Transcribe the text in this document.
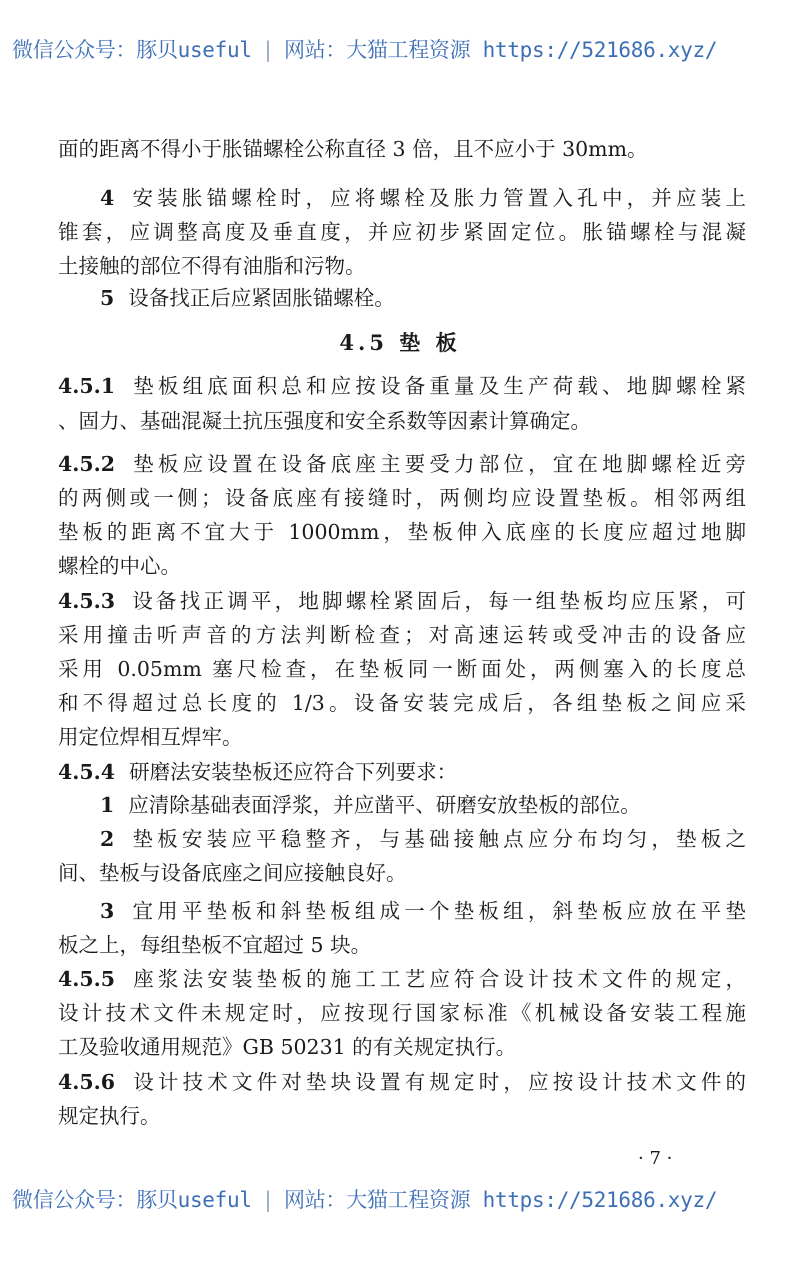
微信公众号：豚贝useful | 网站：大猫工程资源 https://521686.xyz/
面的距离不得小于胀锚螺栓公称直径 3 倍，且不应小于 30mm。
4 安装胀锚螺栓时，应将螺栓及胀力管置入孔中，并应装上
锥套，应调整高度及垂直度，并应初步紧固定位。胀锚螺栓与混凝
土接触的部位不得有油脂和污物。
5 设备找正后应紧固胀锚螺栓。
4.5.1 垫板组底面积总和应按设备重量及生产荷载、地脚螺栓紧
、固力、基础混凝土抗压强度和安全系数等因素计算确定。
4.5.2 垫板应设置在设备底座主要受力部位，宜在地脚螺栓近旁
的两侧或一侧；设备底座有接缝时，两侧均应设置垫板。相邻两组
垫板的距离不宜大于 1000mm，垫板伸入底座的长度应超过地脚
螺栓的中心。
4.5.3 设备找正调平，地脚螺栓紧固后，每一组垫板均应压紧，可
采用撞击听声音的方法判断检查；对高速运转或受冲击的设备应
采用 0.05mm 塞尺检查，在垫板同一断面处，两侧塞入的长度总
和不得超过总长度的 1/3。设备安装完成后，各组垫板之间应采
用定位焊相互焊牢。
4.5.4 研磨法安装垫板还应符合下列要求：
1 应清除基础表面浮浆，并应凿平、研磨安放垫板的部位。
2 垫板安装应平稳整齐，与基础接触点应分布均匀，垫板之
间、垫板与设备底座之间应接触良好。
3 宜用平垫板和斜垫板组成一个垫板组，斜垫板应放在平垫
板之上，每组垫板不宜超过 5 块。
4.5.5 座浆法安装垫板的施工工艺应符合设计技术文件的规定，
设计技术文件未规定时，应按现行国家标准《机械设备安装工程施
工及验收通用规范》GB 50231 的有关规定执行。
4.5.6 设计技术文件对垫块设置有规定时，应按设计技术文件的
规定执行。
4.5 垫 板
· 7 ·
微信公众号：豚贝useful | 网站：大猫工程资源 https://521686.xyz/
